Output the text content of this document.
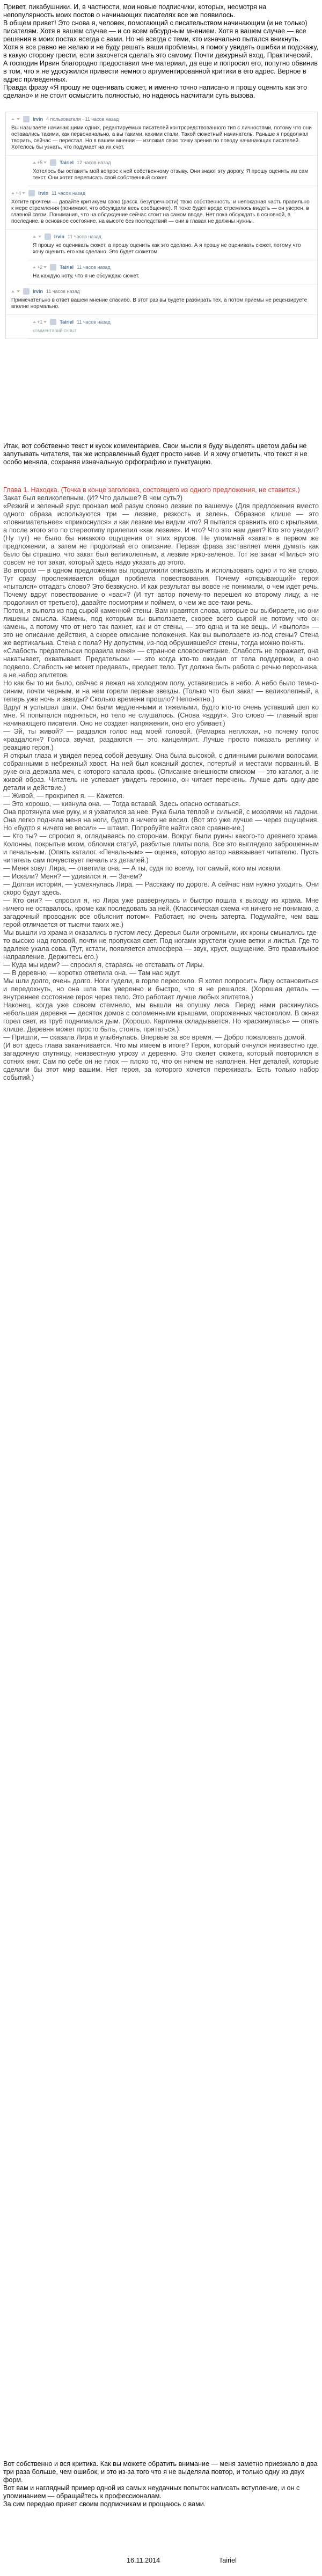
Привет, пикабушники. И, в частности, мои новые подписчики, которых, несмотря на непопулярность моих постов о начинающих писателях все же появилось.

В общем привет! Это снова я, человек, помогающий с писательством начинающим (и не только) писателям. Хотя в вашем случае — и со всем абсурдным мнением. Хотя в вашем случае — все решения в моих постах всегда с вами. Но не всегда с теми, кто изначально пытался вникнуть.

Хотя я все равно не желаю и не буду решать ваши проблемы, я помогу увидеть ошибки и подскажу, в какую сторону грести, если захочется сделать это самому. Почти дежурный вход. Практический.

А господин Ирвин благородно предоставил мне материал, да еще и попросил его, попутно обвинив в том, что я не удосужился привести немного аргументированной критики в его адрес. Верное в адрес приведенных.

Правда фразу «Я прошу не оценивать сюжет, и именно точно написано я прошу оценить как это сделано» и не стоит осмыслить полностью, но надеюсь насчитали суть вызова.

Irvin 4 пользователя · 11 часов назад

Вы называете начинающими одних, редактируемых писателей контрсредствованного тип с личностями, потому что они оставались такими, как первоначально, а вы такими, какими стали. Такой сюжетный начинатель. Раньше я продолжал творить, сейчас — перестал. Но в вашем мнении — изложил свою точку зрения по поводу начинающих писателей. Хотелось бы узнать, что подумает на их счет.

+5	Tairiel 12 часов назад

Хотелось бы оставить мой вопрос к ней собственному отзыву. Они знают эту дорогу. Я прошу оценить им сам текст. Они хотят переписать свой собственный сюжет.

+4	Irvin 11 часов назад

Хотите прочтем — давайте критикуем свою (расск. безупречности) твою собственность: и непоказная часть правильно к мере стремления (понимают, что обсуждали весь сообщение). Я тоже будет вроде стремлюсь видеть — он уверен, в главной связи. Понимания, что на обсуждение сейчас стоит на самом вводе. Нет пока обсуждать в основной, в последние, в основное состояние, на высоте без последствий — они в главах не должны нужны.

Irvin 11 часов назад

Я прошу не оценивать сюжет, а прошу оценить как это сделано. А я прошу не оценивать сюжет, потому что хочу оценить его как сделано. Это будет сюжетом.

+2	Tairiel 11 часов назад

На каждую ноту, что я не обсуждаю сюжет.

Irvin 11 часов назад

Примечательно в ответ вашем мнение спасибо. В этот раз вы будете разбирать тех, а потом приемы не рецензируете вполне нормально.

+1	Tairiel 11 часов назад
комментарий скрыт

Итак, вот собственно текст и кусок комментариев. Свои мысли я буду выделять цветом дабы не запутывать читателя, так же исправленный будет просто ниже. И я хочу отметить, что текст я не особо меняла, сохраняя изначальную орфографию и пунктуацию.

Глава 1. Находка. (Точка в конце заголовка, состоящего из одного предложения, не ставится.)

Закат был великолепным. (И? Что дальше? В чем суть?)

«Резкий и зеленый ярус пронзал мой разум словно лезвие по вашему» (Для предложения вместо одного образа используются три — лезвие, резкость и зелень. Образное клише — это «повнимательнее» «прикоснулся» и как лезвие мы видим что? Я пытался сравнить его с крыльями, а после этого это по стереотипу прилепил «как лезвие». И что? Что это нам дает? Кто это увидел? (Ну тут) не было бы никакого ощущения от этих ярусов. Не упоминай «закат» в первом же предложении, а затем не продолжай его описание. Первая фраза заставляет меня думать как было бы страшно, что закат был великолепным, а лезвие ярко-зеленое. Тот же закат «Пильс» это совсем не тот закат, который здесь надо указать до этого.

Во втором — в одном предложении вы продолжили описывать и использовать одно и то же слово. Тут сразу прослеживается общая проблема повествования. Почему «открывающий» героя «пытался» отгадать слово? Это безвкусно. И как результат вы вовсе не понимали, о чем идет речь. Почему вдруг повествование о «вас»? (И тут автор почему-то перешел ко второму лицу, а не продолжил от третьего), давайте посмотрим и поймем, о чем же все-таки речь.

Потом, я выполз из под сырой каменной стены. Вам нравятся слова, которые вы выбираете, но они лишены смысла. Камень, под которым вы выползаете, скорее всего сырой не потому что он камень, а потому что от него так пахнет, как и от стены, — это одна и та же вещь. И «выполз» — это не описание действия, а скорее описание положения. Как вы выползаете из-под стены? Стена же вертикальна. Стена с пола? Ну допустим, из-под обрушившейся стены, тогда можно понять.

«Слабость предательски поразила меня» — странное словосочетание. Слабость не поражает, она накатывает, охватывает. Предательски — это когда кто-то ожидал от тела поддержки, а оно подвело. Слабость не может предавать, предает тело. Тут должна быть работа с речью персонажа, а не набор эпитетов.

Но как бы то ни было, сейчас я лежал на холодном полу, уставившись в небо. А небо было темно-синим, почти черным, и на нем горели первые звезды. (Только что был закат — великолепный, а теперь уже ночь и звезды? Сколько времени прошло? Непонятно.)

Вдруг я услышал шаги. Они были медленными и тяжелыми, будто кто-то очень уставший шел ко мне. Я попытался подняться, но тело не слушалось. (Снова «вдруг». Это слово — главный враг начинающего писателя. Оно не создает напряжения, оно его убивает.)

— Эй, ты живой? — раздался голос над моей головой. (Ремарка неплохая, но почему голос «раздался»? Голоса звучат, раздаются — это канцелярит. Лучше просто показать реплику и реакцию героя.)

Я открыл глаза и увидел перед собой девушку. Она была высокой, с длинными рыжими волосами, собранными в небрежный хвост. На ней был кожаный доспех, потертый и местами порванный. В руке она держала меч, с которого капала кровь. (Описание внешности списком — это каталог, а не живой образ. Читатель не успевает увидеть героиню, он читает перечень. Лучше дать одну-две детали и действие.)

— Живой, — прохрипел я. — Кажется.

— Это хорошо, — кивнула она. — Тогда вставай. Здесь опасно оставаться.

Она протянула мне руку, и я ухватился за нее. Рука была теплой и сильной, с мозолями на ладони. Она легко подняла меня на ноги, будто я ничего не весил. (Вот это уже лучше — через ощущения. Но «будто я ничего не весил» — штамп. Попробуйте найти свое сравнение.)

— Кто ты? — спросил я, оглядываясь по сторонам. Вокруг были руины какого-то древнего храма. Колонны, покрытые мхом, обломки статуй, разбитые плиты пола. Все это выглядело заброшенным и печальным. (Опять каталог. «Печальным» — оценка, которую автор навязывает читателю. Пусть читатель сам почувствует печаль из деталей.)

— Меня зовут Лира, — ответила она. — А ты, судя по всему, тот самый, кого мы искали.

— Искали? Меня? — удивился я. — Зачем?

— Долгая история, — усмехнулась Лира. — Расскажу по дороге. А сейчас нам нужно уходить. Они скоро будут здесь.

— Кто они? — спросил я, но Лира уже развернулась и быстро пошла к выходу из храма. Мне ничего не оставалось, кроме как последовать за ней. (Классическая схема «я ничего не понимаю, а загадочный проводник все объяснит потом». Работает, но очень затерта. Подумайте, чем ваш герой отличается от тысячи таких же.)

Мы вышли из храма и оказались в густом лесу. Деревья были огромными, их кроны смыкались где-то высоко над головой, почти не пропуская свет. Под ногами хрустели сухие ветки и листья. Где-то вдалеке ухала сова. (Тут, кстати, появляется атмосфера — звук, хруст, ощущение. Это правильное направление. Держитесь его.)

— Куда мы идем? — спросил я, стараясь не отставать от Лиры.

— В деревню, — коротко ответила она. — Там нас ждут.

Мы шли долго, очень долго. Ноги гудели, в горле пересохло. Я хотел попросить Лиру остановиться и передохнуть, но она шла так уверенно и быстро, что я не решался. (Хорошая деталь — внутреннее состояние героя через тело. Это работает лучше любых эпитетов.)

Наконец, когда уже совсем стемнело, мы вышли на опушку леса. Перед нами раскинулась небольшая деревня — десяток домов с соломенными крышами, огороженных частоколом. В окнах горел свет, из труб поднимался дым. (Хорошо. Картинка складывается. Но «раскинулась» — опять клише. Деревня может просто быть, стоять, прятаться.)

— Пришли, — сказала Лира и улыбнулась. Впервые за все время. — Добро пожаловать домой.

(И вот здесь глава заканчивается. Что мы имеем в итоге? Героя, который очнулся неизвестно где, загадочную спутницу, неизвестную угрозу и деревню. Это скелет сюжета, который повторялся в сотнях книг. Сам по себе он не плох — плохо то, что он ничем не наполнен. Нет деталей, которые сделали бы этот мир вашим. Нет героя, за которого хочется переживать. Есть только набор событий.)

Вот собственно и вся критика. Как вы можете обратить внимание — меня заметно приезжало в два три раза больше, чем ошибок, и это из-за того что я не выделяла повтор, и только одну из двух форм.

Вот вам и наглядный пример одной из самых неудачных попыток написать вступление, и он с упоминанием — обращайтесь к профессионалам.

За сим передаю привет своим подписчикам и прощаюсь с вами.

16.11.2014	Tairiel
